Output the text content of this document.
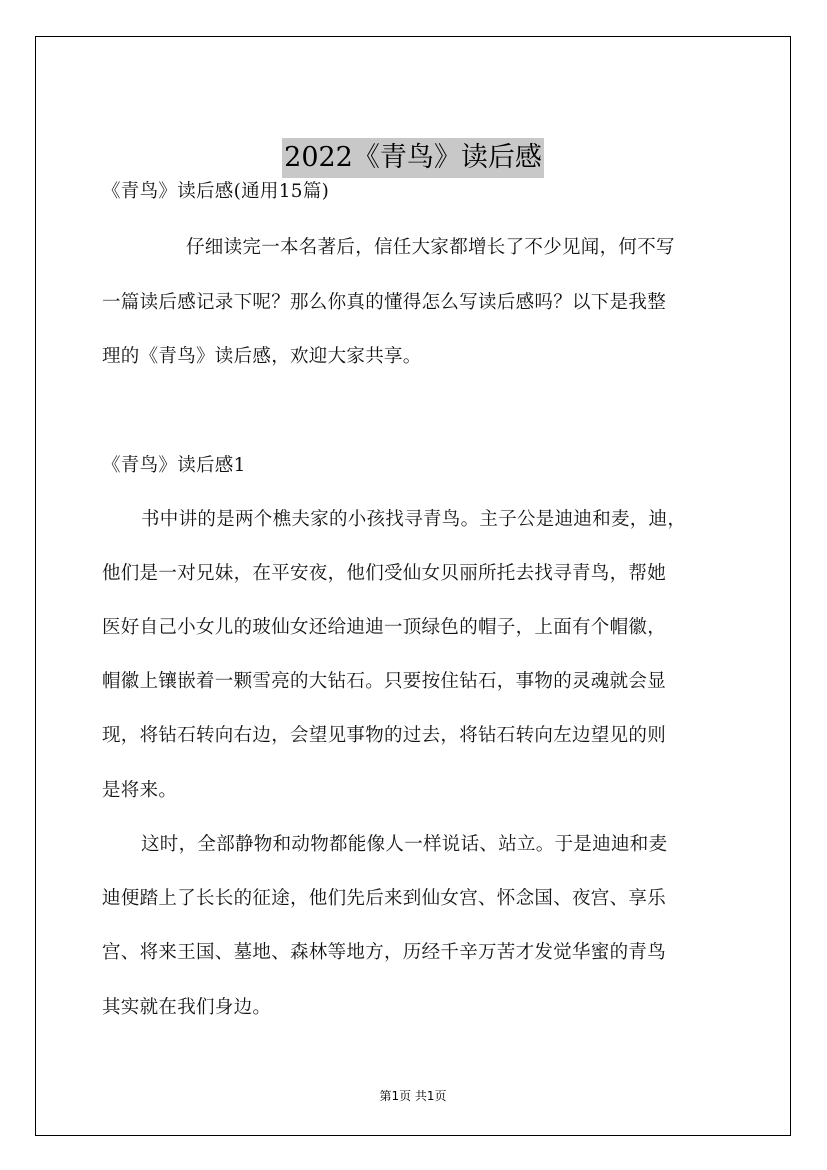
2022《青鸟》读后感
《青鸟》读后感(通用15篇)
仔细读完一本名著后，信任大家都增长了不少见闻，何不写
一篇读后感记录下呢？那么你真的懂得怎么写读后感吗？以下是我整
理的《青鸟》读后感，欢迎大家共享。
《青鸟》读后感1
书中讲的是两个樵夫家的小孩找寻青鸟。主子公是迪迪和麦，迪，
他们是一对兄妹，在平安夜，他们受仙女贝丽所托去找寻青鸟，帮她
医好自己小女儿的玻仙女还给迪迪一顶绿色的帽子，上面有个帽徽，
帽徽上镶嵌着一颗雪亮的大钻石。只要按住钻石，事物的灵魂就会显
现，将钻石转向右边，会望见事物的过去，将钻石转向左边望见的则
是将来。
这时，全部静物和动物都能像人一样说话、站立。于是迪迪和麦
迪便踏上了长长的征途，他们先后来到仙女宫、怀念国、夜宫、享乐
宫、将来王国、墓地、森林等地方，历经千辛万苦才发觉华蜜的青鸟
其实就在我们身边。
第1页 共1页
